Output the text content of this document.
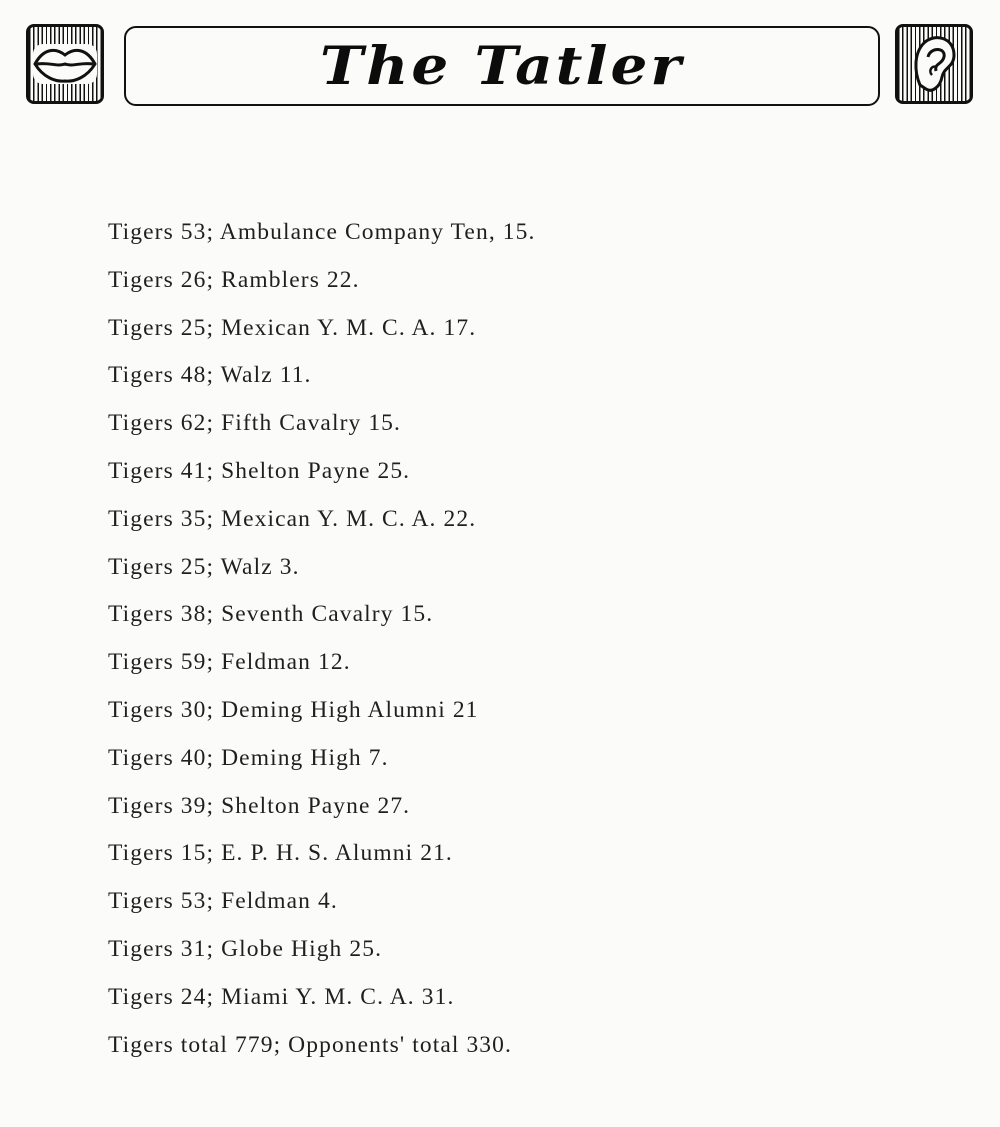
The Tatler
Tigers 53; Ambulance Company Ten, 15.
Tigers 26; Ramblers 22.
Tigers 25; Mexican Y. M. C. A. 17.
Tigers 48; Walz 11.
Tigers 62; Fifth Cavalry 15.
Tigers 41; Shelton Payne 25.
Tigers 35; Mexican Y. M. C. A. 22.
Tigers 25; Walz 3.
Tigers 38; Seventh Cavalry 15.
Tigers 59; Feldman 12.
Tigers 30; Deming High Alumni 21
Tigers 40; Deming High 7.
Tigers 39; Shelton Payne 27.
Tigers 15; E. P. H. S. Alumni 21.
Tigers 53; Feldman 4.
Tigers 31; Globe High 25.
Tigers 24; Miami Y. M. C. A. 31.
Tigers total 779; Opponents' total 330.
